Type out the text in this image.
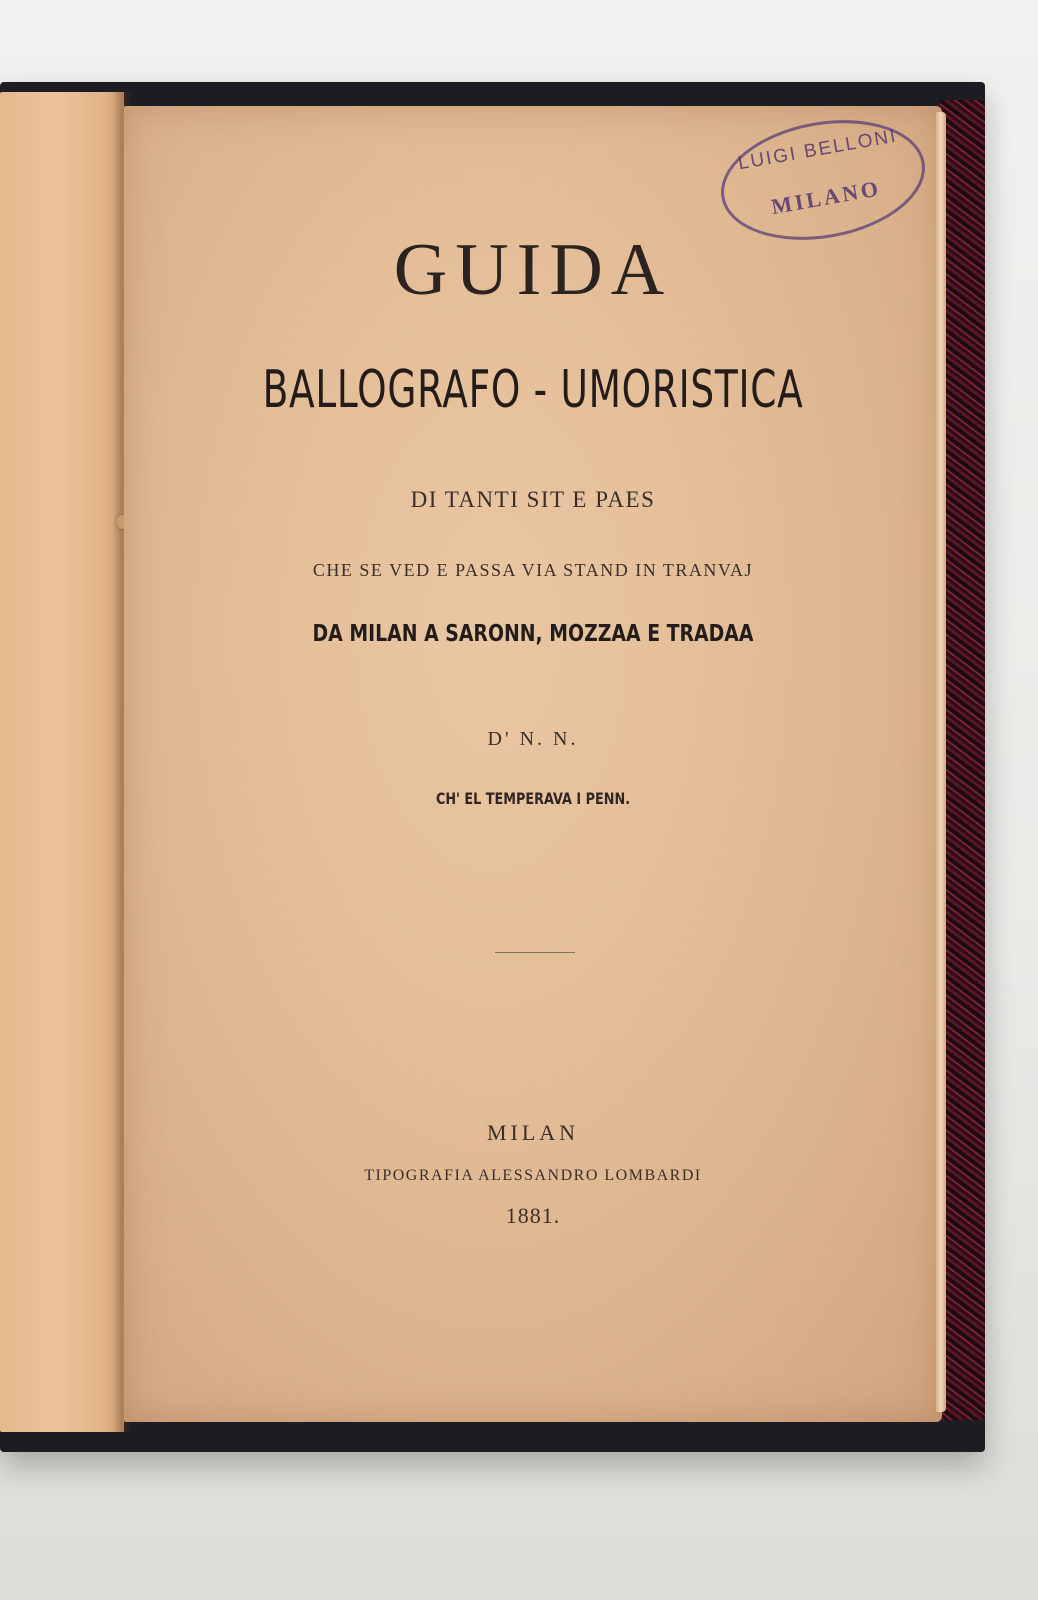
LUIGI BELLONI
MILANO
GUIDA
BALLOGRAFO - UMORISTICA
DI TANTI SIT E PAES
CHE SE VED E PASSA VIA STAND IN TRANVAJ
DA MILAN A SARONN, MOZZAA E TRADAA
D' N. N.
CH' EL TEMPERAVA I PENN.
MILAN
TIPOGRAFIA ALESSANDRO LOMBARDI
1881.
